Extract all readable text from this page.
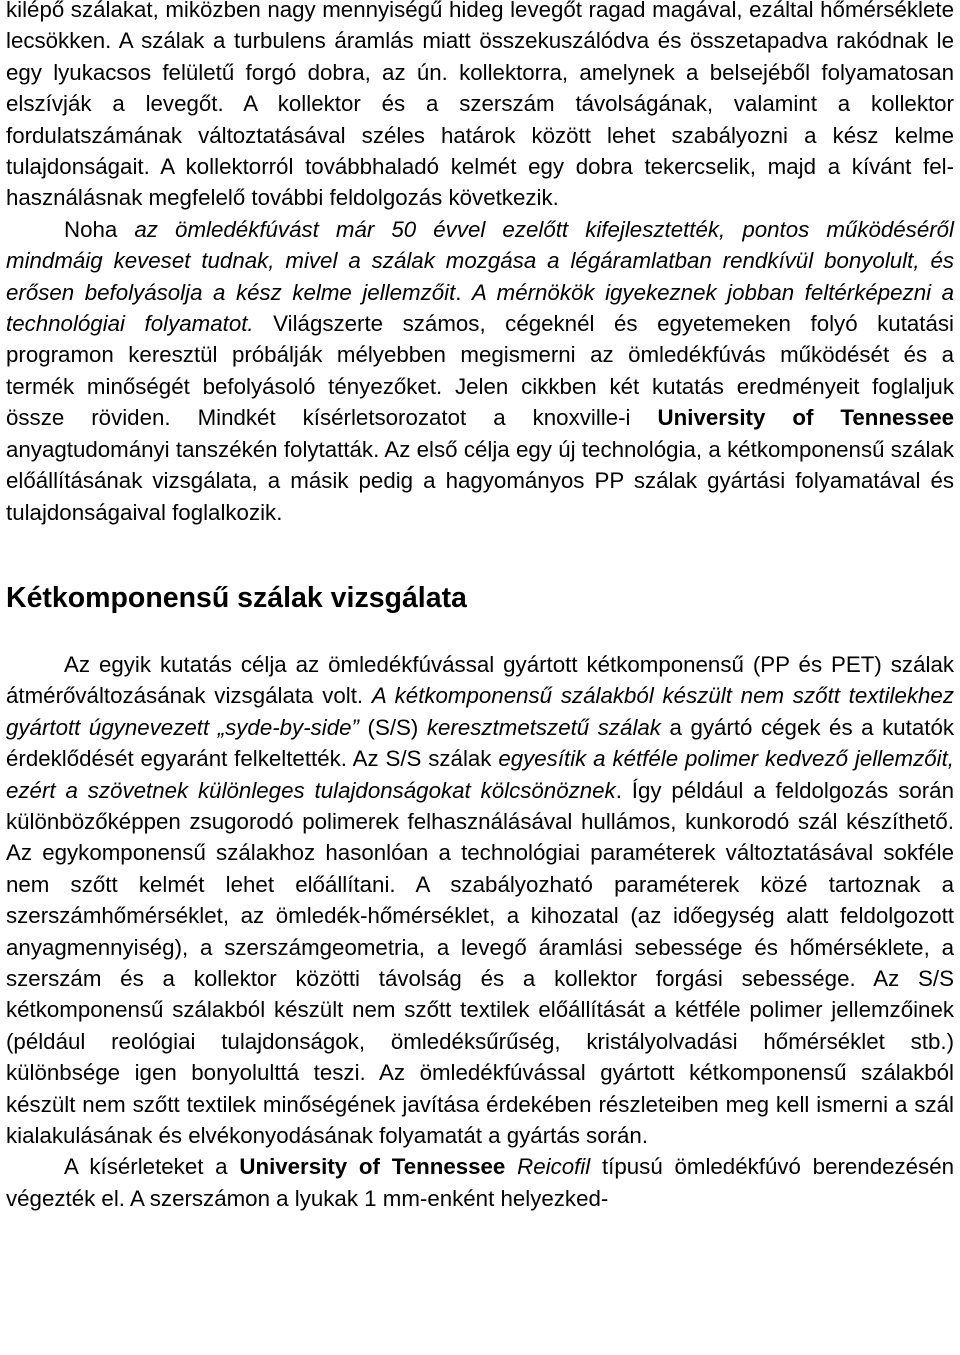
kilépő szálakat, miközben nagy mennyiségű hideg levegőt ragad magával, ezáltal hőmérséklete lecsökken. A szálak a turbulens áramlás miatt összekuszálódva és összetapadva rakódnak le egy lyukacsos felületű forgó dobra, az ún. kollektorra, amelynek a belsejéből folyamatosan elszívják a levegőt. A kollektor és a szerszám távolságának, valamint a kollektor fordulatszámának változtatásával széles határok között lehet szabályozni a kész kelme tulajdonságait. A kollektorról továbbhaladó kelmét egy dobra tekercselik, majd a kívánt felhasználásnak megfelelő további feldolgozás következik.

Noha az ömledékfúvást már 50 évvel ezelőtt kifejlesztették, pontos működéséről mindmáig keveset tudnak, mivel a szálak mozgása a légáramlatban rendkívül bonyolult, és erősen befolyásolja a kész kelme jellemzőit. A mérnökök igyekeznek jobban feltérképezni a technológiai folyamatot. Világszerte számos, cégeknél és egyetemeken folyó kutatási programon keresztül próbálják mélyebben megismerni az ömledékfúvás működését és a termék minőségét befolyásoló tényezőket. Jelen cikkben két kutatás eredményeit foglaljuk össze röviden. Mindkét kísérletsorozatot a knoxville-i University of Tennessee anyagtudományi tanszékén folytatták. Az első célja egy új technológia, a kétkomponensű szálak előállításának vizsgálata, a másik pedig a hagyományos PP szálak gyártási folyamatával és tulajdonságaival foglalkozik.

Kétkomponensű szálak vizsgálata

Az egyik kutatás célja az ömledékfúvással gyártott kétkomponensű (PP és PET) szálak átmérőváltozásának vizsgálata volt. A kétkomponensű szálakból készült nem szőtt textilekhez gyártott úgynevezett „syde-by-side” (S/S) keresztmetszetű szálak a gyártó cégek és a kutatók érdeklődését egyaránt felkeltették. Az S/S szálak egyesítik a kétféle polimer kedvező jellemzőit, ezért a szövetnek különleges tulajdonságokat kölcsönöznek. Így például a feldolgozás során különbözőképpen zsugorodó polimerek felhasználásával hullámos, kunkorodó szál készíthető. Az egykomponensű szálakhoz hasonlóan a technológiai paraméterek változtatásával sokféle nem szőtt kelmét lehet előállítani. A szabályozható paraméterek közé tartoznak a szerszámhőmérséklet, az ömledék-hőmérséklet, a kihozatal (az időegység alatt feldolgozott anyagmennyiség), a szerszámgeometria, a levegő áramlási sebessége és hőmérséklete, a szerszám és a kollektor közötti távolság és a kollektor forgási sebessége. Az S/S kétkomponensű szálakból készült nem szőtt textilek előállítását a kétféle polimer jellemzőinek (például reológiai tulajdonságok, ömledéksűrűség, kristályolvadási hőmérséklet stb.) különbsége igen bonyolulttá teszi. Az ömledékfúvással gyártott kétkomponensű szálakból készült nem szőtt textilek minőségének javítása érdekében részleteiben meg kell ismerni a szál kialakulásának és elvékonyodásának folyamatát a gyártás során.

A kísérleteket a University of Tennessee Reicofil típusú ömledékfúvó berendezésén végezték el. A szerszámon a lyukak 1 mm-enként helyezked-
